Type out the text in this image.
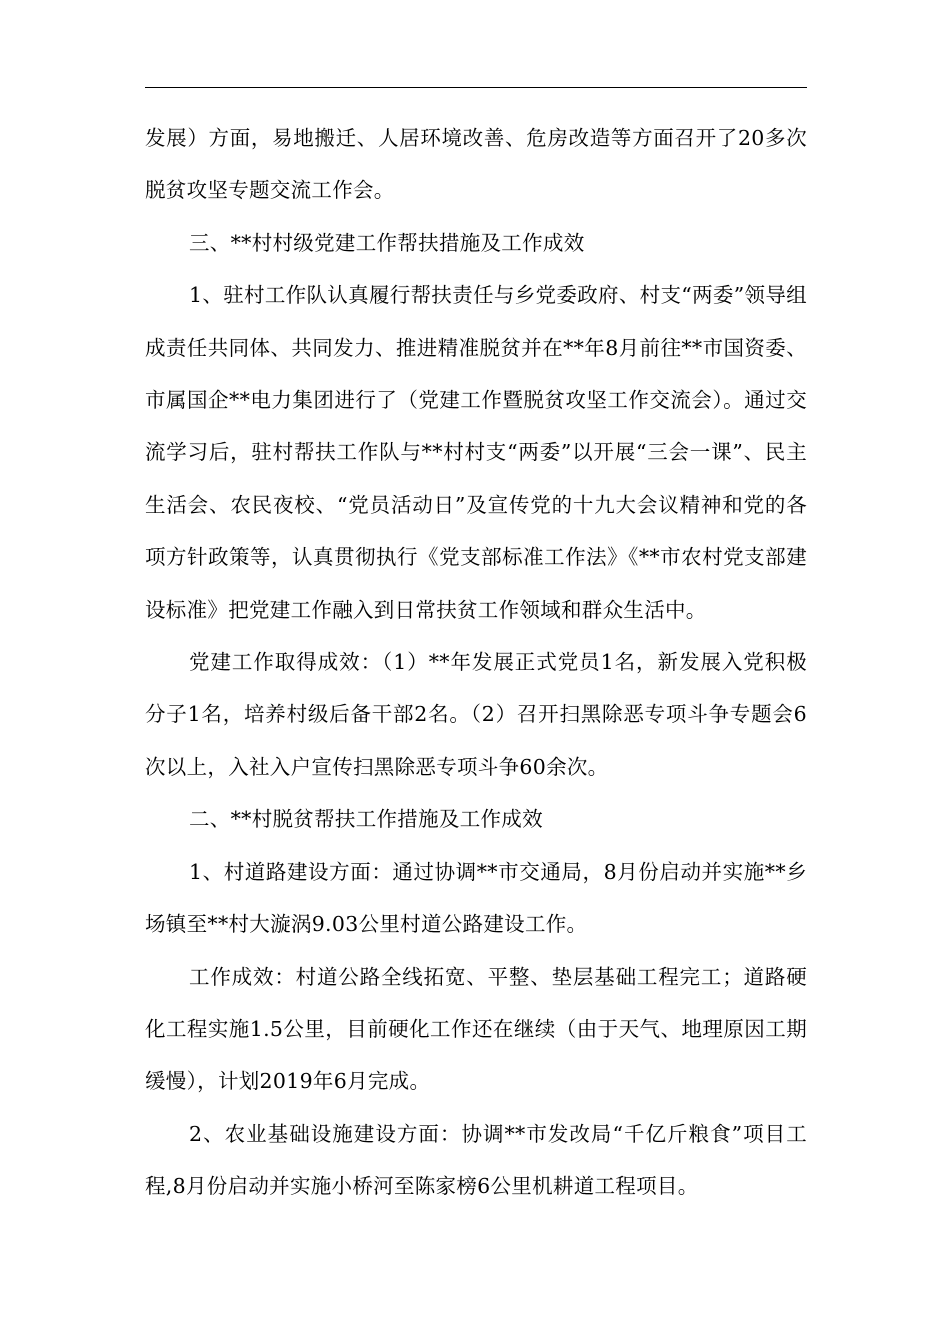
发展）方面，易地搬迁、人居环境改善、危房改造等方面召开了20多次脱贫攻坚专题交流工作会。

三、**村村级党建工作帮扶措施及工作成效

1、驻村工作队认真履行帮扶责任与乡党委政府、村支“两委”领导组成责任共同体、共同发力、推进精准脱贫并在**年8月前往**市国资委、市属国企**电力集团进行了（党建工作暨脱贫攻坚工作交流会）。通过交流学习后，驻村帮扶工作队与**村村支“两委”以开展“三会一课”、民主生活会、农民夜校、“党员活动日”及宣传党的十九大会议精神和党的各项方针政策等，认真贯彻执行《党支部标准工作法》《**市农村党支部建设标准》把党建工作融入到日常扶贫工作领域和群众生活中。

党建工作取得成效：（1）**年发展正式党员1名，新发展入党积极分子1名，培养村级后备干部2名。（2）召开扫黑除恶专项斗争专题会6次以上，入社入户宣传扫黑除恶专项斗争60余次。

二、**村脱贫帮扶工作措施及工作成效

1、村道路建设方面：通过协调**市交通局，8月份启动并实施**乡场镇至**村大漩涡9.03公里村道公路建设工作。

工作成效：村道公路全线拓宽、平整、垫层基础工程完工；道路硬化工程实施1.5公里，目前硬化工作还在继续（由于天气、地理原因工期缓慢），计划2019年6月完成。

2、农业基础设施建设方面：协调**市发改局“千亿斤粮食”项目工程,8月份启动并实施小桥河至陈家榜6公里机耕道工程项目。
